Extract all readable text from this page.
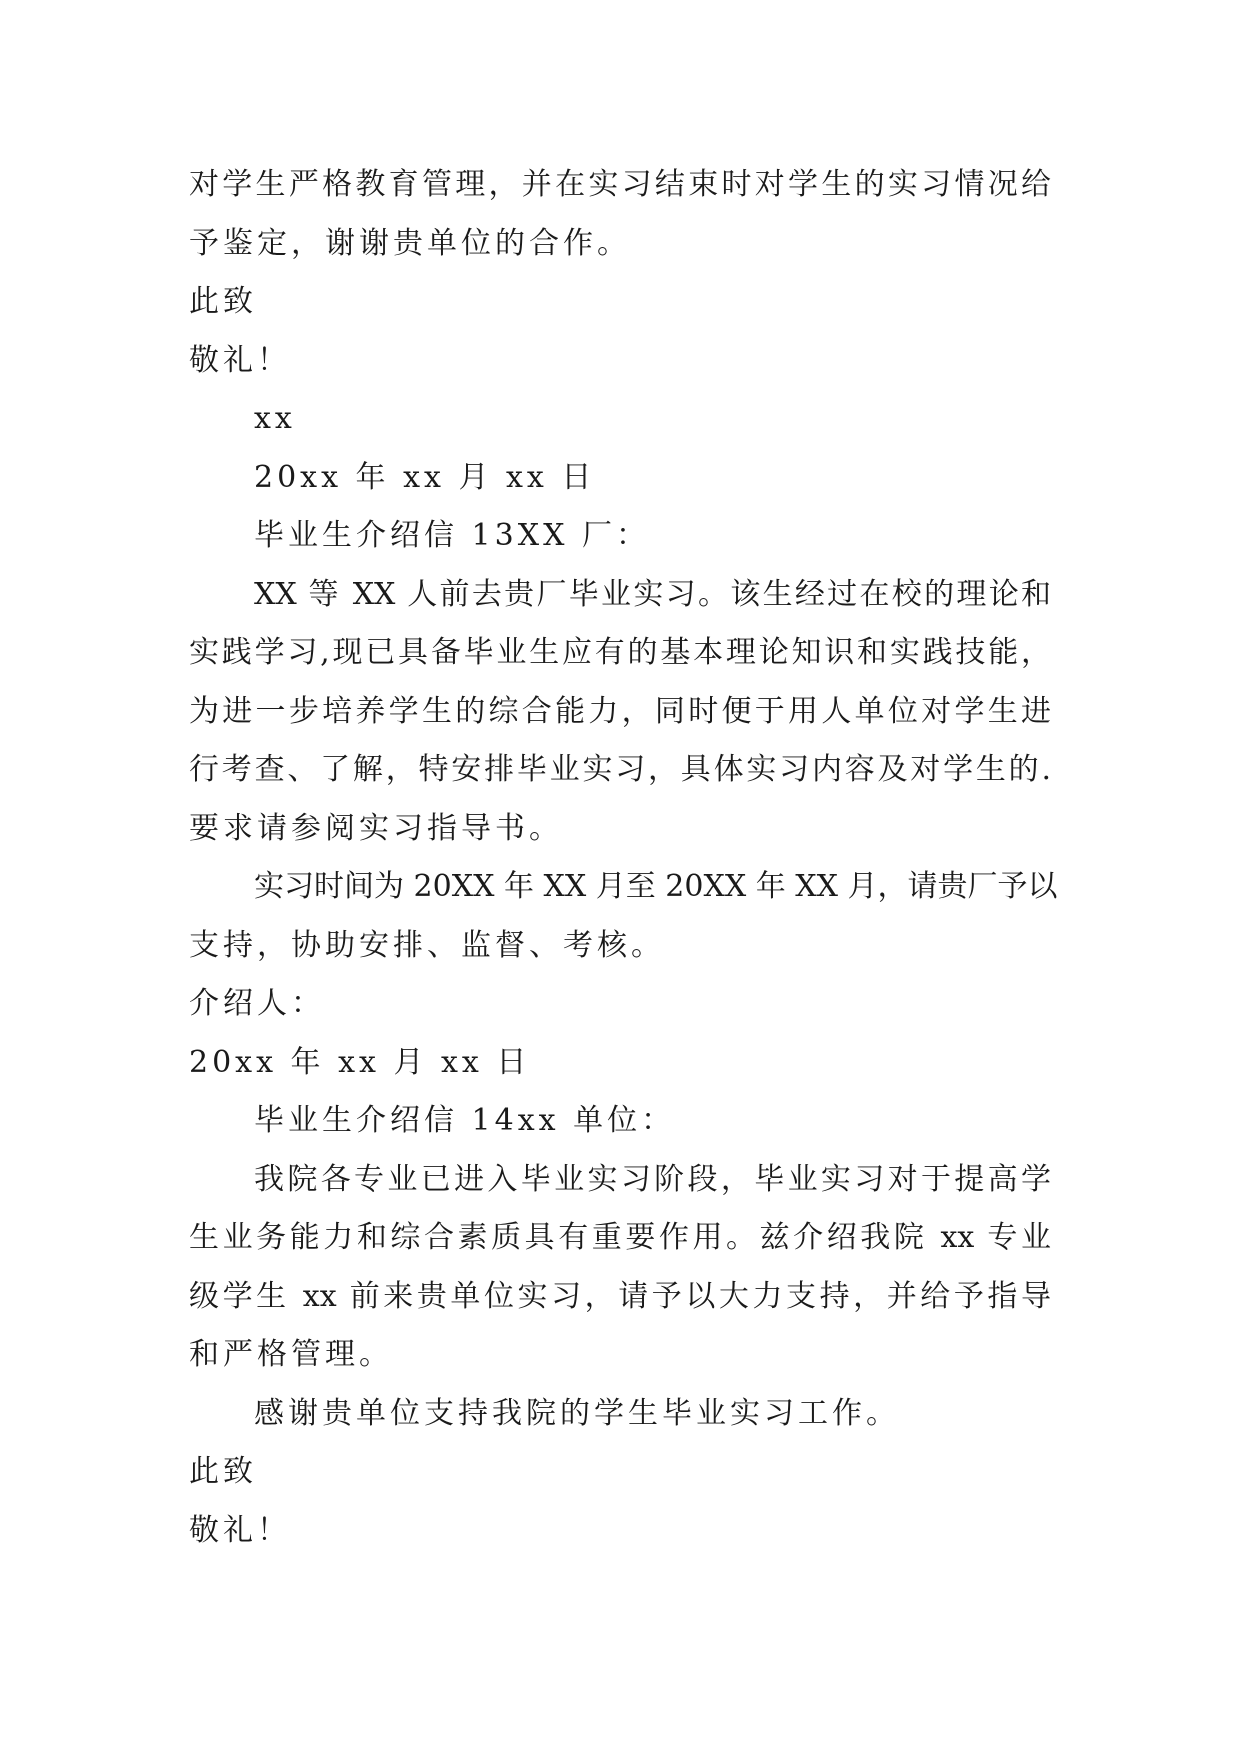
对学生严格教育管理，并在实习结束时对学生的实习情况给
予鉴定，谢谢贵单位的合作。
此致
敬礼！
xx
20xx 年 xx 月 xx 日
毕业生介绍信 13XX 厂：
XX 等 XX 人前去贵厂毕业实习。该生经过在校的理论和
实践学习,现已具备毕业生应有的基本理论知识和实践技能，
为进一步培养学生的综合能力，同时便于用人单位对学生进
行考查、了解，特安排毕业实习，具体实习内容及对学生的.
要求请参阅实习指导书。
实习时间为 20XX 年 XX 月至 20XX 年 XX 月，请贵厂予以
支持，协助安排、监督、考核。
介绍人：
20xx 年 xx 月 xx 日
毕业生介绍信 14xx 单位：
我院各专业已进入毕业实习阶段，毕业实习对于提高学
生业务能力和综合素质具有重要作用。兹介绍我院 xx 专业
级学生 xx 前来贵单位实习，请予以大力支持，并给予指导
和严格管理。
感谢贵单位支持我院的学生毕业实习工作。
此致
敬礼！
